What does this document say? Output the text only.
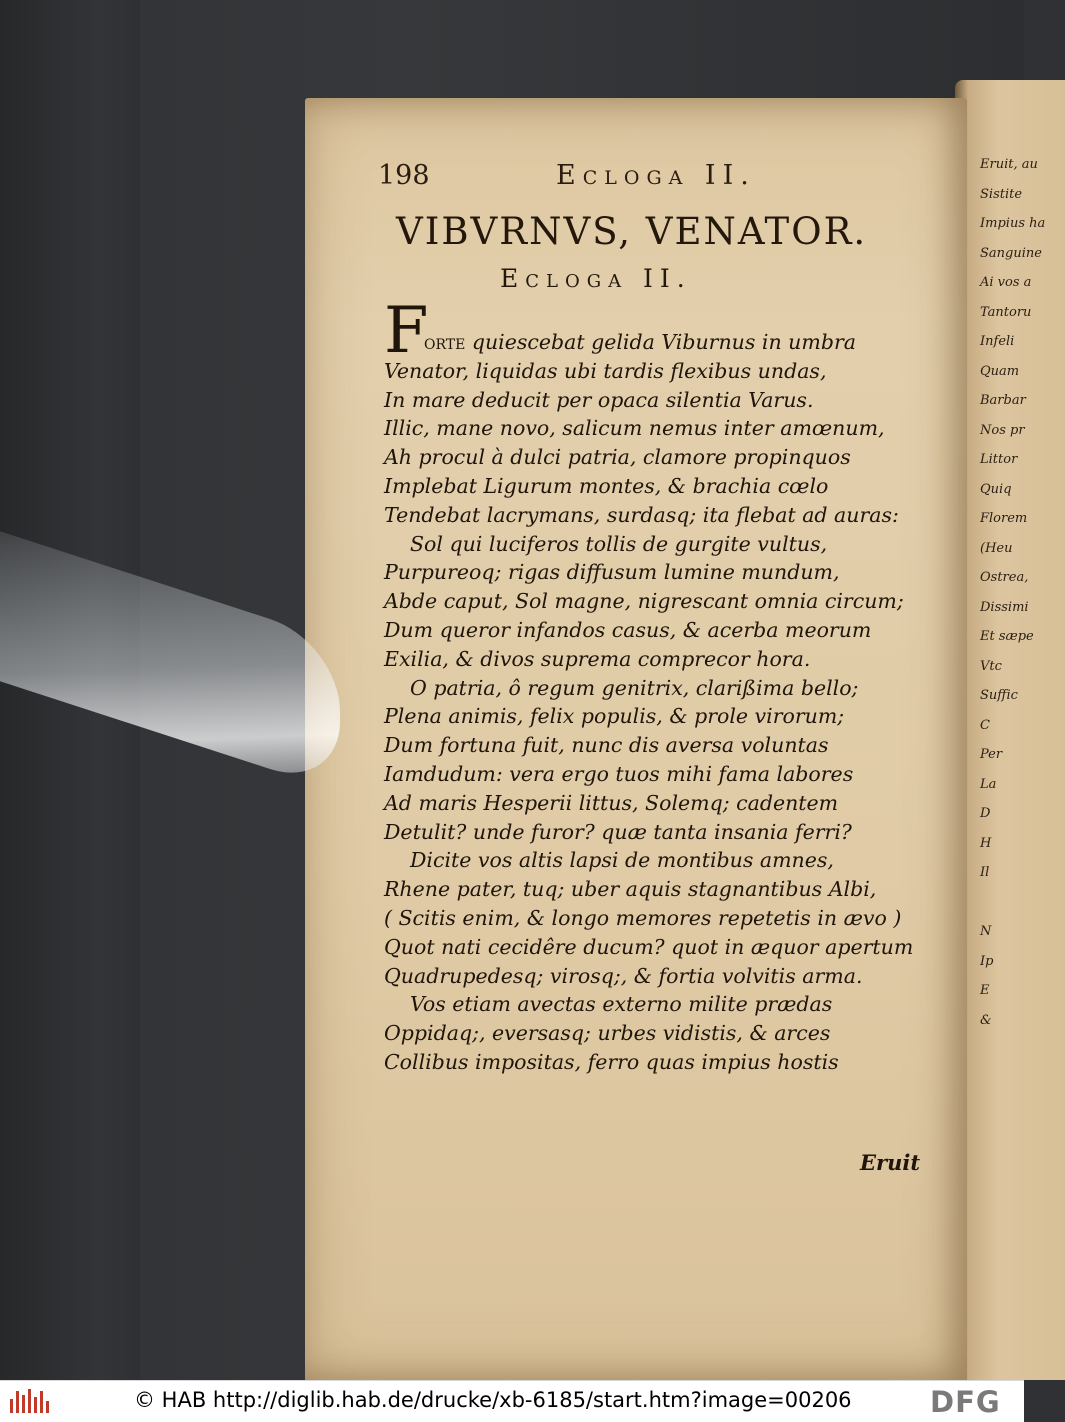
Eruit, au
Sistite
Impius ha
Sanguine
Ai vos a
Tantoru
Infeli
Quam
Barbar
Nos pr
Littor
Quiq
Florem
(Heu
Ostrea,
Dissimi
Et sæpe
Vtc
Suffic
C
Per
La
D
H
Il

N
Ip
E
&
198	Ecloga II.
VIBVRNVS, VENATOR.
Ecloga II.
F
orte quiescebat gelida Viburnus in umbra
Venator, liquidas ubi tardis flexibus undas,
In mare deducit per opaca silentia Varus.
Illic, mane novo, salicum nemus inter amœnum,
Ah procul à dulci patria, clamore propinquos
Implebat Ligurum montes, & brachia cœlo
Tendebat lacrymans, surdasq; ita flebat ad auras:
Sol qui luciferos tollis de gurgite vultus,
Purpureoq; rigas diffusum lumine mundum,
Abde caput, Sol magne, nigrescant omnia circum;
Dum queror infandos casus, & acerba meorum
Exilia, & divos suprema comprecor hora.
O patria, ô regum genitrix, clarißima bello;
Plena animis, felix populis, & prole virorum;
Dum fortuna fuit, nunc dis aversa voluntas
Iamdudum: vera ergo tuos mihi fama labores
Ad maris Hesperii littus, Solemq; cadentem
Detulit? unde furor? quæ tanta insania ferri?
Dicite vos altis lapsi de montibus amnes,
Rhene pater, tuq; uber aquis stagnantibus Albi,
( Scitis enim, & longo memores repetetis in ævo )
Quot nati cecidêre ducum? quot in æquor apertum
Quadrupedesq; virosq;, & fortia volvitis arma.
Vos etiam avectas externo milite prædas
Oppidaq;, eversasq; urbes vidistis, & arces
Collibus impositas, ferro quas impius hostis
Eruit
© HAB http://diglib.hab.de/drucke/xb-6185/start.htm?image=00206	DFG
